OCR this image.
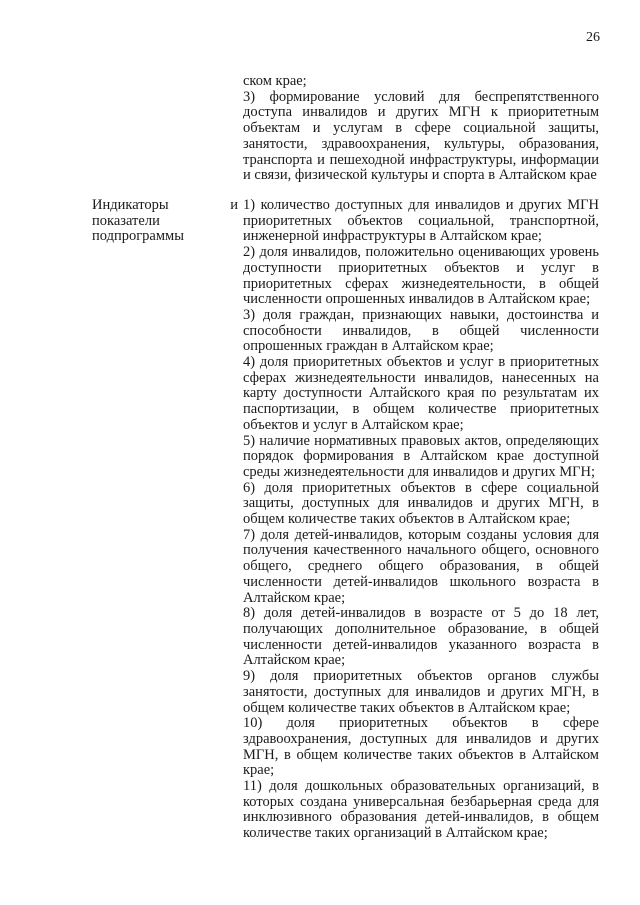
26

ском крае;

3) формирование условий для беспрепятственного доступа инвалидов и других МГН к приоритетным объектам и услугам в сфере социальной защиты, занятости, здравоохранения, культуры, образования, транспорта и пешеходной инфраструктуры, информации и связи, физической культуры и спорта в Алтайском крае

Индикаторы и показатели подпрограммы

1) количество доступных для инвалидов и других МГН приоритетных объектов социальной, транспортной, инженерной инфраструктуры в Алтайском крае;

2) доля инвалидов, положительно оценивающих уровень доступности приоритетных объектов и услуг в приоритетных сферах жизнедеятельности, в общей численности опрошенных инвалидов в Алтайском крае;

3) доля граждан, признающих навыки, достоинства и способности инвалидов, в общей численности опрошенных граждан в Алтайском крае;

4) доля приоритетных объектов и услуг в приоритетных сферах жизнедеятельности инвалидов, нанесенных на карту доступности Алтайского края по результатам их паспортизации, в общем количестве приоритетных объектов и услуг в Алтайском крае;

5) наличие нормативных правовых актов, определяющих порядок формирования в Алтайском крае доступной среды жизнедеятельности для инвалидов и других МГН;

6) доля приоритетных объектов в сфере социальной защиты, доступных для инвалидов и других МГН, в общем количестве таких объектов в Алтайском крае;

7) доля детей-инвалидов, которым созданы условия для получения качественного начального общего, основного общего, среднего общего образования, в общей численности детей-инвалидов школьного возраста в Алтайском крае;

8) доля детей-инвалидов в возрасте от 5 до 18 лет, получающих дополнительное образование, в общей численности детей-инвалидов указанного возраста в Алтайском крае;

9) доля приоритетных объектов органов службы занятости, доступных для инвалидов и других МГН, в общем количестве таких объектов в Алтайском крае;

10) доля приоритетных объектов в сфере здравоохранения, доступных для инвалидов и других МГН, в общем количестве таких объектов в Алтайском крае;

11) доля дошкольных образовательных организаций, в которых создана универсальная безбарьерная среда для инклюзивного образования детей-инвалидов, в общем количестве таких организаций в Алтайском крае;
